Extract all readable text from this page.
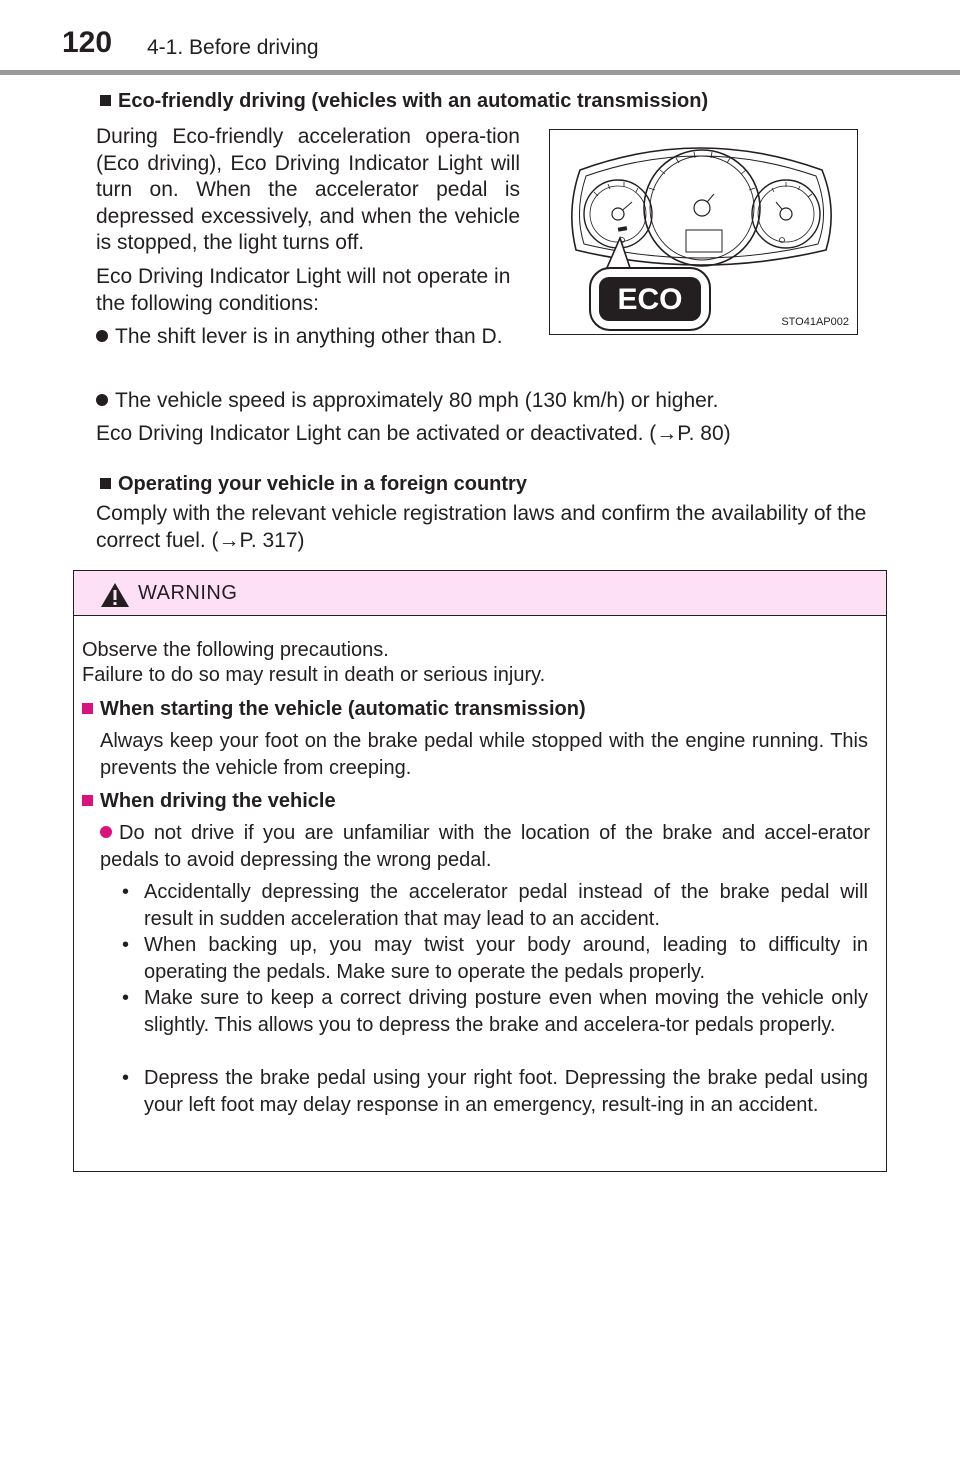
120 4-1. Before driving
Eco-friendly driving (vehicles with an automatic transmission)
During Eco-friendly acceleration opera-tion (Eco driving), Eco Driving Indicator Light will turn on. When the accelerator pedal is depressed excessively, and when the vehicle is stopped, the light turns off.
Eco Driving Indicator Light will not operate in the following conditions:
The shift lever is in anything other than D.
The vehicle speed is approximately 80 mph (130 km/h) or higher.
Eco Driving Indicator Light can be activated or deactivated. (→P. 80)
ECO
STO41AP002
Operating your vehicle in a foreign country
Comply with the relevant vehicle registration laws and confirm the availability of the correct fuel. (→P. 317)
WARNING
Observe the following precautions.
Failure to do so may result in death or serious injury.
When starting the vehicle (automatic transmission)
Always keep your foot on the brake pedal while stopped with the engine running. This prevents the vehicle from creeping.
When driving the vehicle
Do not drive if you are unfamiliar with the location of the brake and accel-erator pedals to avoid depressing the wrong pedal.
• Accidentally depressing the accelerator pedal instead of the brake pedal will result in sudden acceleration that may lead to an accident.
• When backing up, you may twist your body around, leading to difficulty in operating the pedals. Make sure to operate the pedals properly.
• Make sure to keep a correct driving posture even when moving the vehicle only slightly. This allows you to depress the brake and accelera-tor pedals properly.
• Depress the brake pedal using your right foot. Depressing the brake pedal using your left foot may delay response in an emergency, result-ing in an accident.
